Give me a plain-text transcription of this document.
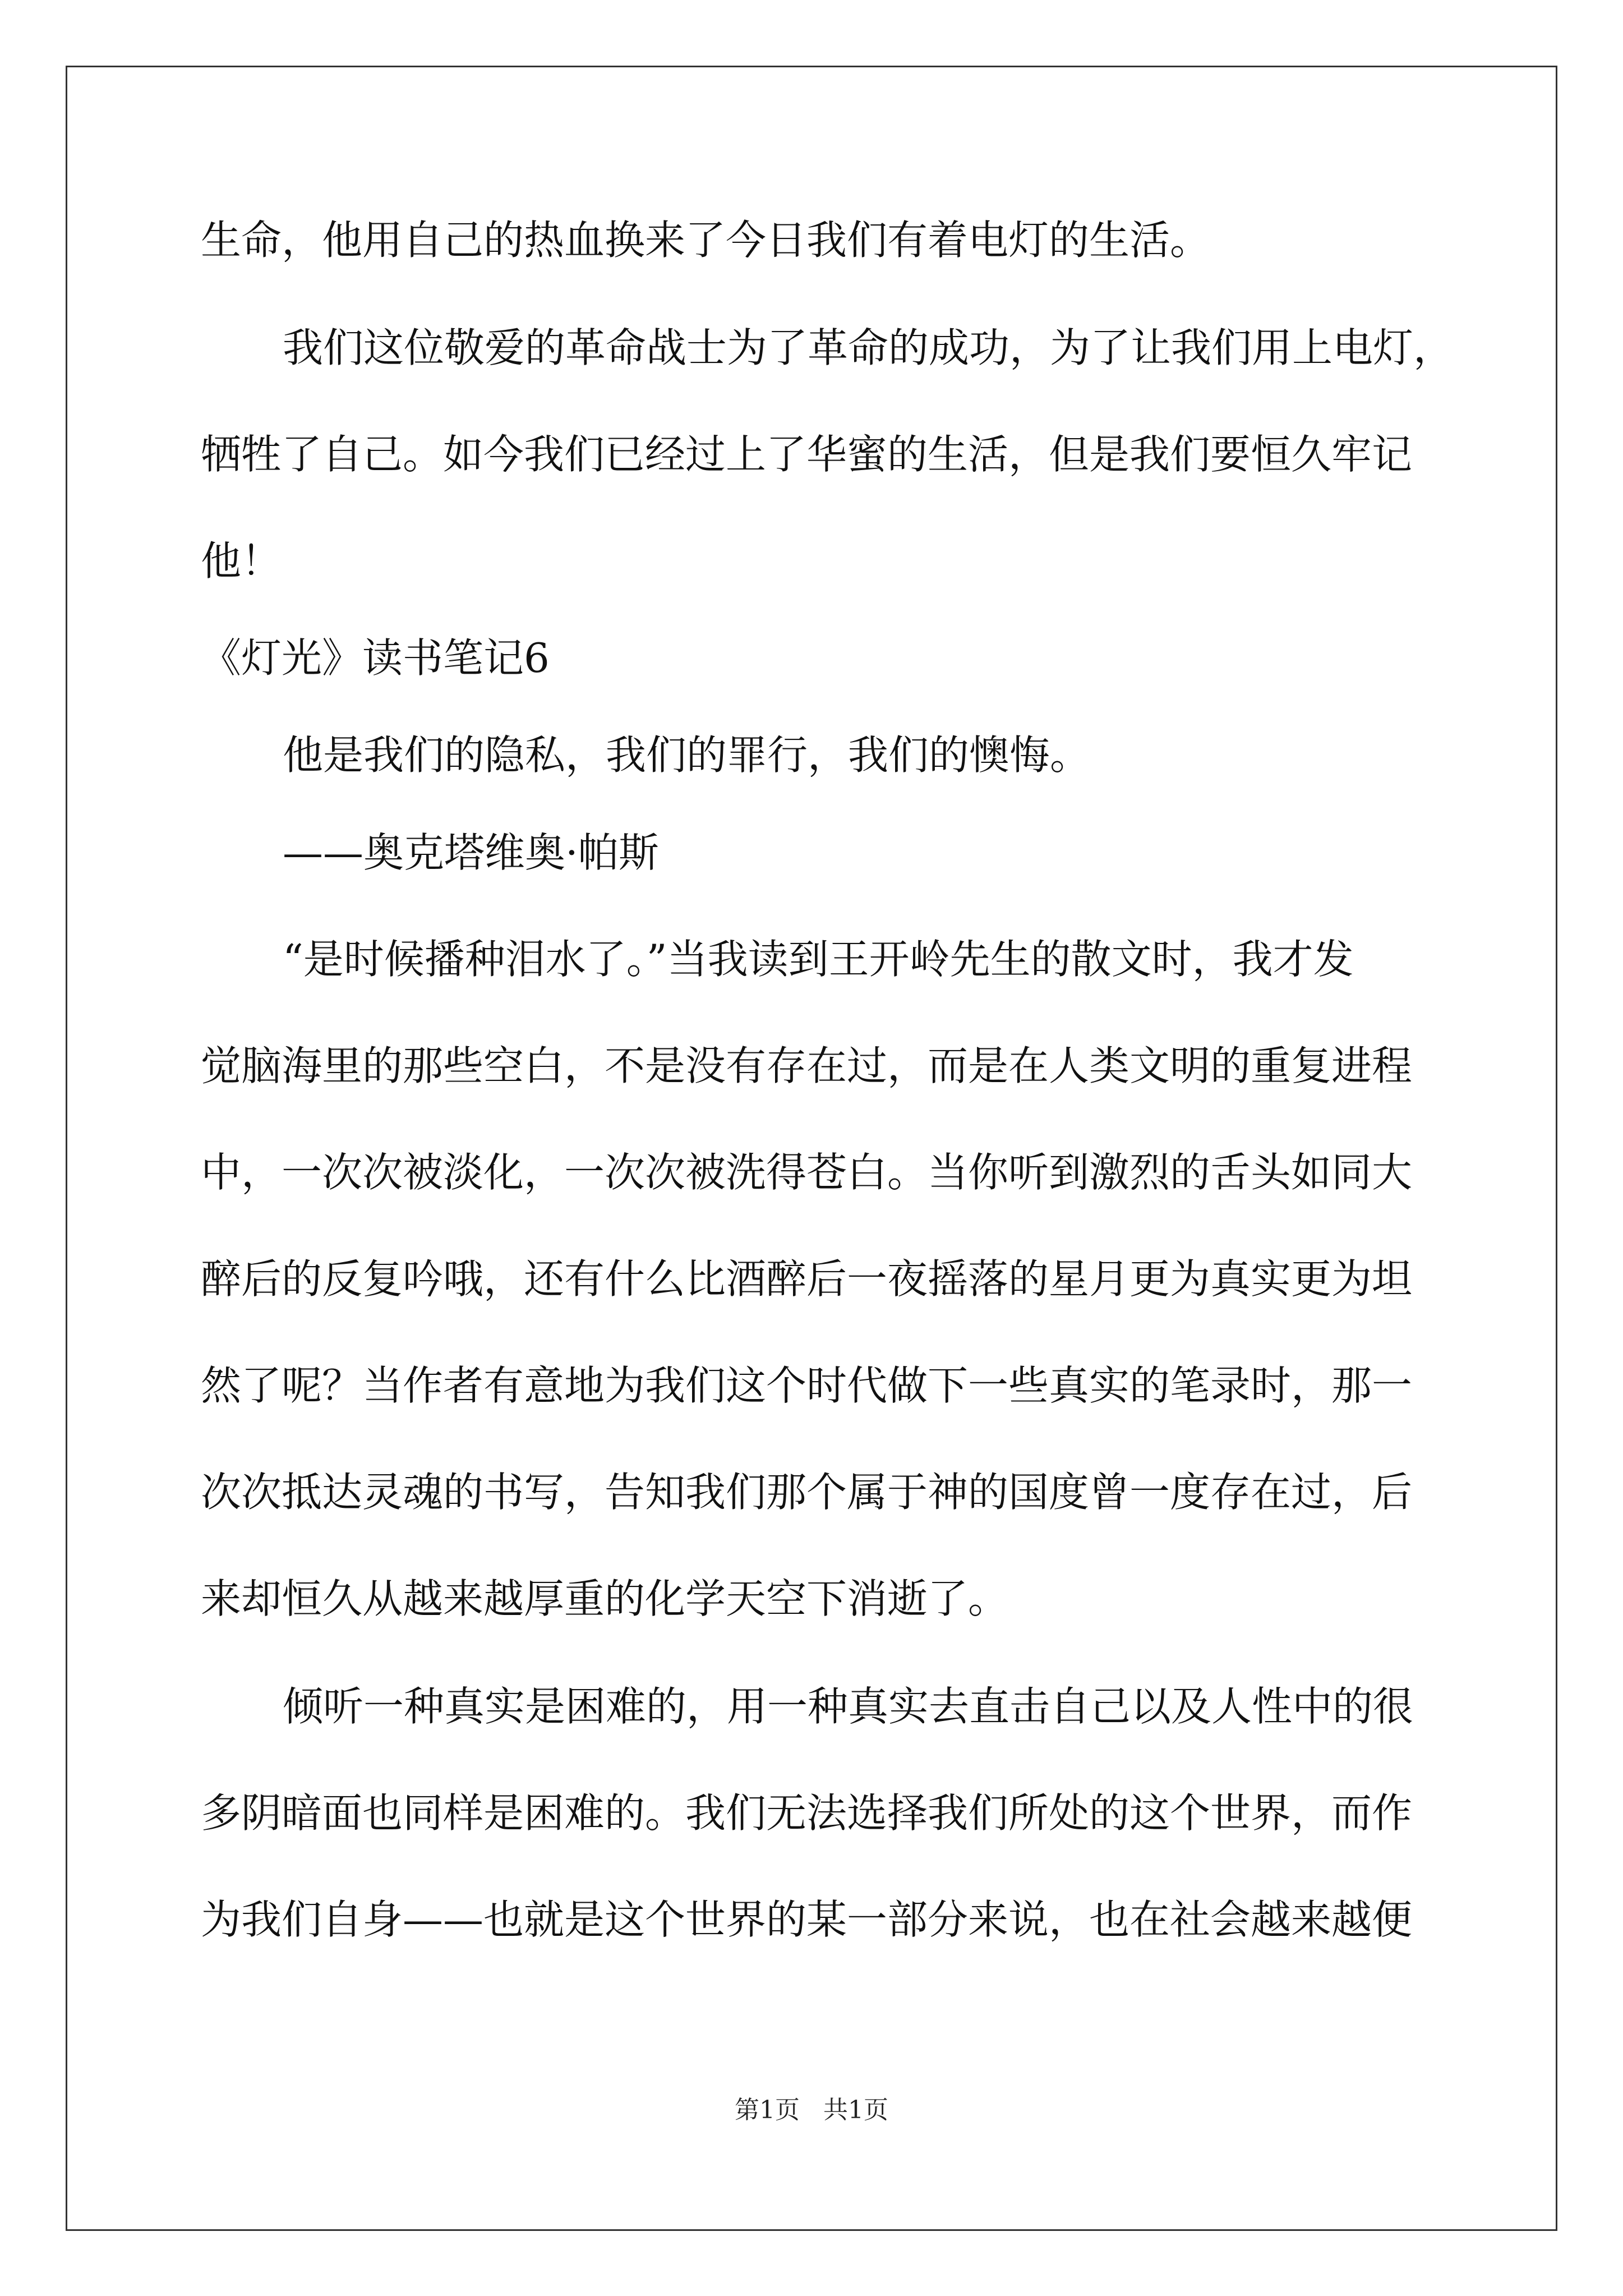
生命，他用自己的热血换来了今日我们有着电灯的生活。
我们这位敬爱的革命战士为了革命的成功，为了让我们用上电灯，
牺牲了自己。如今我们已经过上了华蜜的生活，但是我们要恒久牢记
他！
《灯光》读书笔记6
他是我们的隐私，我们的罪行，我们的懊悔。
——奥克塔维奥·帕斯
“是时候播种泪水了。”当我读到王开岭先生的散文时，我才发
觉脑海里的那些空白，不是没有存在过，而是在人类文明的重复进程
中，一次次被淡化，一次次被洗得苍白。当你听到激烈的舌头如同大
醉后的反复吟哦，还有什么比酒醉后一夜摇落的星月更为真实更为坦
然了呢？当作者有意地为我们这个时代做下一些真实的笔录时，那一
次次抵达灵魂的书写，告知我们那个属于神的国度曾一度存在过，后
来却恒久从越来越厚重的化学天空下消逝了。
倾听一种真实是困难的，用一种真实去直击自己以及人性中的很
多阴暗面也同样是困难的。我们无法选择我们所处的这个世界，而作
为我们自身——也就是这个世界的某一部分来说，也在社会越来越便
第1页   共1页
